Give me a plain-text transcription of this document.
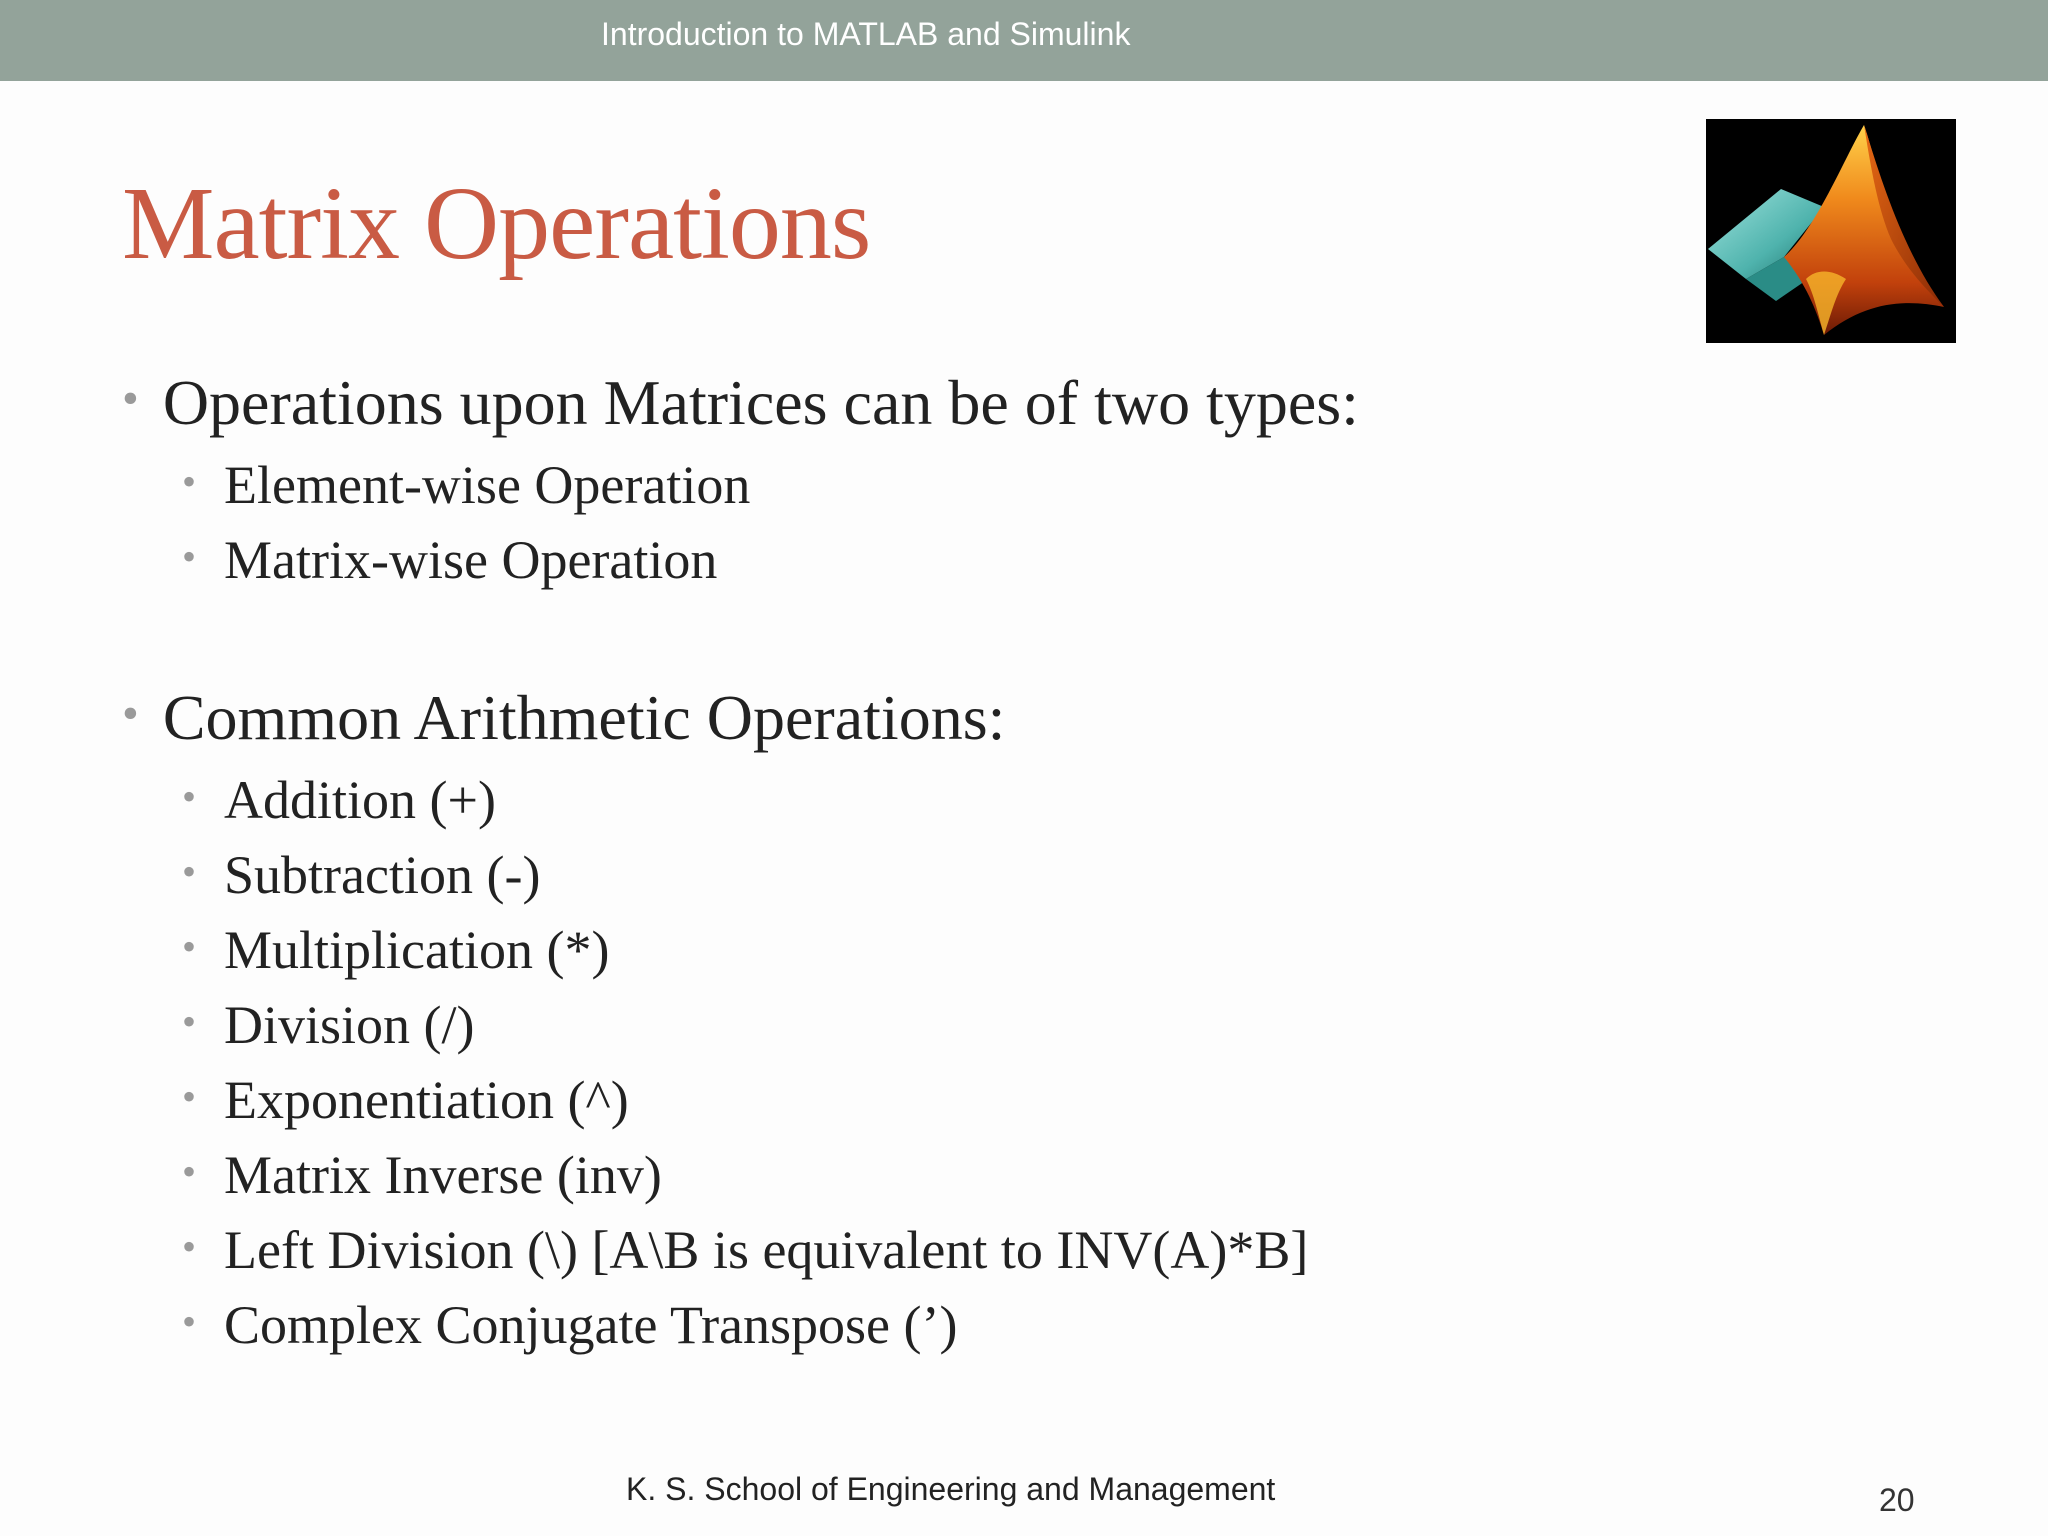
Introduction to MATLAB and Simulink
Matrix Operations
• Operations upon Matrices can be of two types:
• Element-wise Operation
• Matrix-wise Operation
• Common Arithmetic Operations:
• Addition (+)
• Subtraction (-)
• Multiplication (*)
• Division (/)
• Exponentiation (^)
• Matrix Inverse (inv)
• Left Division (\) [A\B is equivalent to INV(A)*B]
• Complex Conjugate Transpose (’)
K. S. School of Engineering and Management	20
